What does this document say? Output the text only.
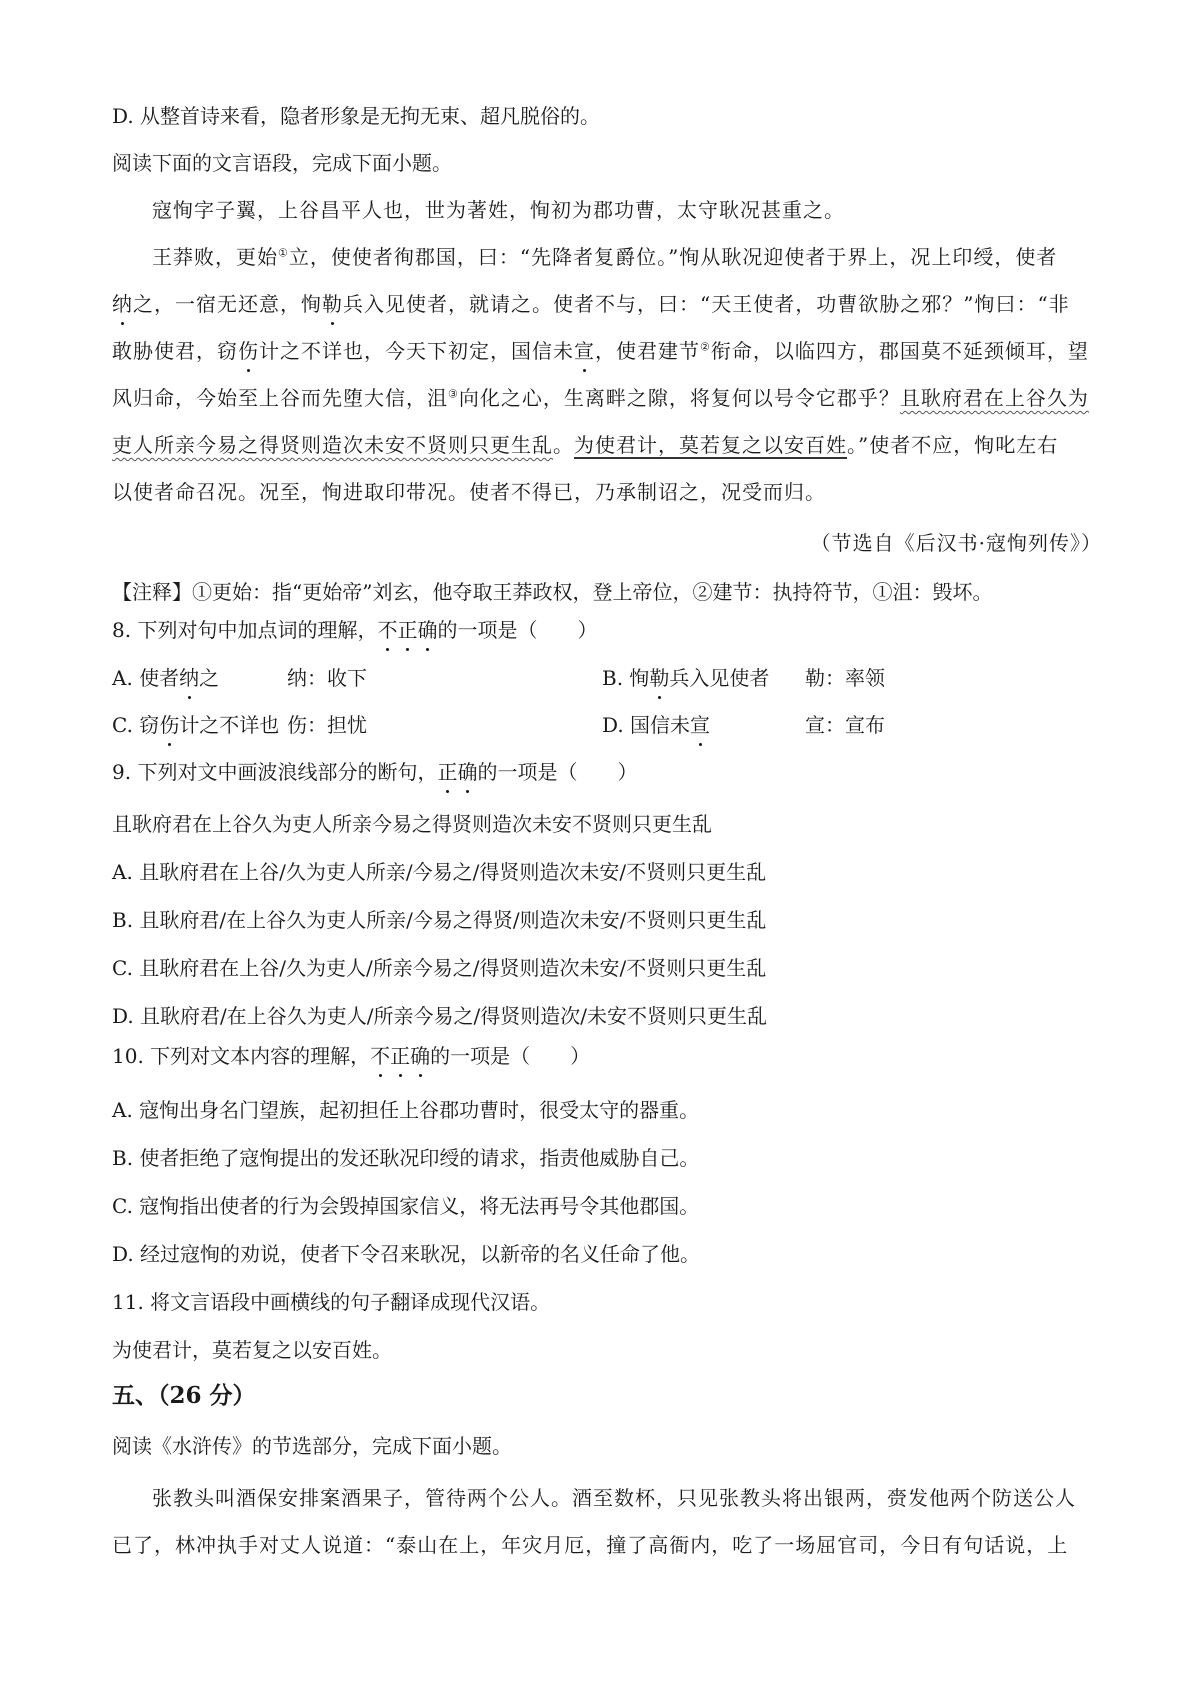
D. 从整首诗来看，隐者形象是无拘无束、超凡脱俗的。
阅读下面的文言语段，完成下面小题。
寇恂字子翼，上谷昌平人也，世为著姓，恂初为郡功曹，太守耿况甚重之。
王莽败，更始①立，使使者徇郡国，曰：“先降者复爵位。”恂从耿况迎使者于界上，况上印绶，使者
纳之，一宿无还意，恂勒兵入见使者，就请之。使者不与，曰：“天王使者，功曹欲胁之邪？”恂曰：“非
敢胁使君，窃伤计之不详也，今天下初定，国信未宣，使君建节②衔命，以临四方，郡国莫不延颈倾耳，望
风归命，今始至上谷而先堕大信，沮③向化之心，生离畔之隙，将复何以号令它郡乎？且耿府君在上谷久为
吏人所亲今易之得贤则造次未安不贤则只更生乱。为使君计，莫若复之以安百姓。”使者不应，恂叱左右
以使者命召况。况至，恂进取印带况。使者不得已，乃承制诏之，况受而归。
（节选自《后汉书·寇恂列传》）
【注释】①更始：指“更始帝”刘玄，他夺取王莽政权，登上帝位，②建节：执持符节，①沮：毁坏。
8. 下列对句中加点词的理解，不正确的一项是（　　）
A. 使者纳之	纳：收下	B. 恂勒兵入见使者 勒：率领
C. 窃伤计之不详也 伤：担忧	D. 国信未宣	宣：宣布
9. 下列对文中画波浪线部分的断句，正确的一项是（　　）
且耿府君在上谷久为吏人所亲今易之得贤则造次未安不贤则只更生乱
A. 且耿府君在上谷/久为吏人所亲/今易之/得贤则造次未安/不贤则只更生乱
B. 且耿府君/在上谷久为吏人所亲/今易之得贤/则造次未安/不贤则只更生乱
C. 且耿府君在上谷/久为吏人/所亲今易之/得贤则造次未安/不贤则只更生乱
D. 且耿府君/在上谷久为吏人/所亲今易之/得贤则造次/未安不贤则只更生乱
10. 下列对文本内容的理解，不正确的一项是（　　）
A. 寇恂出身名门望族，起初担任上谷郡功曹时，很受太守的器重。
B. 使者拒绝了寇恂提出的发还耿况印绶的请求，指责他威胁自己。
C. 寇恂指出使者的行为会毁掉国家信义，将无法再号令其他郡国。
D. 经过寇恂的劝说，使者下令召来耿况，以新帝的名义任命了他。
11. 将文言语段中画横线的句子翻译成现代汉语。
为使君计，莫若复之以安百姓。
五、（26 分）
阅读《水浒传》的节选部分，完成下面小题。
张教头叫酒保安排案酒果子，管待两个公人。酒至数杯，只见张教头将出银两，赍发他两个防送公人
已了，林冲执手对丈人说道：“泰山在上，年灾月厄，撞了高衙内，吃了一场屈官司，今日有句话说，上
